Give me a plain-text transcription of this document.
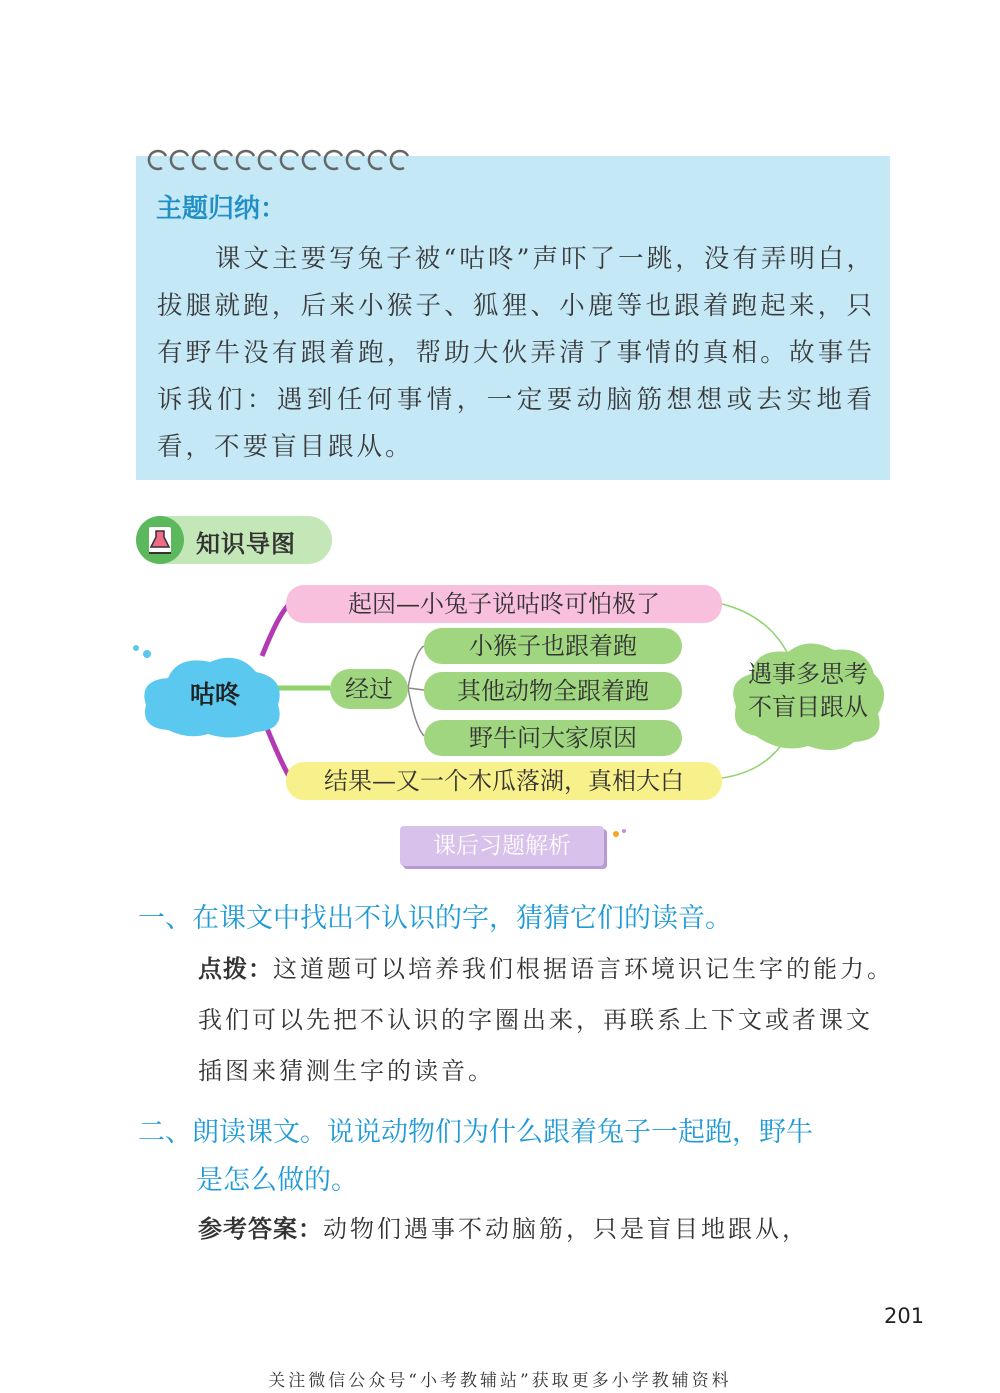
主题归纳：

课文主要写兔子被“咕咚”声吓了一跳，没有弄明白，拔腿就跑，后来小猴子、狐狸、小鹿等也跟着跑起来，只有野牛没有跟着跑，帮助大伙弄清了事情的真相。故事告诉我们：遇到任何事情，一定要动脑筋想想或去实地看看，不要盲目跟从。

知识导图
咕咚
起因—小兔子说咕咚可怕极了
经过
小猴子也跟着跑
其他动物全跟着跑
野牛问大家原因
结果—又一个木瓜落湖，真相大白
遇事多思考
不盲目跟从
课后习题解析
一、在课文中找出不认识的字，猜猜它们的读音。
点拨：这道题可以培养我们根据语言环境识记生字的能力。我们可以先把不认识的字圈出来，再联系上下文或者课文插图来猜测生字的读音。
二、朗读课文。说说动物们为什么跟着兔子一起跑，野牛
是怎么做的。
参考答案：动物们遇事不动脑筋，只是盲目地跟从，
201
关注微信公众号“小考教辅站”获取更多小学教辅资料
